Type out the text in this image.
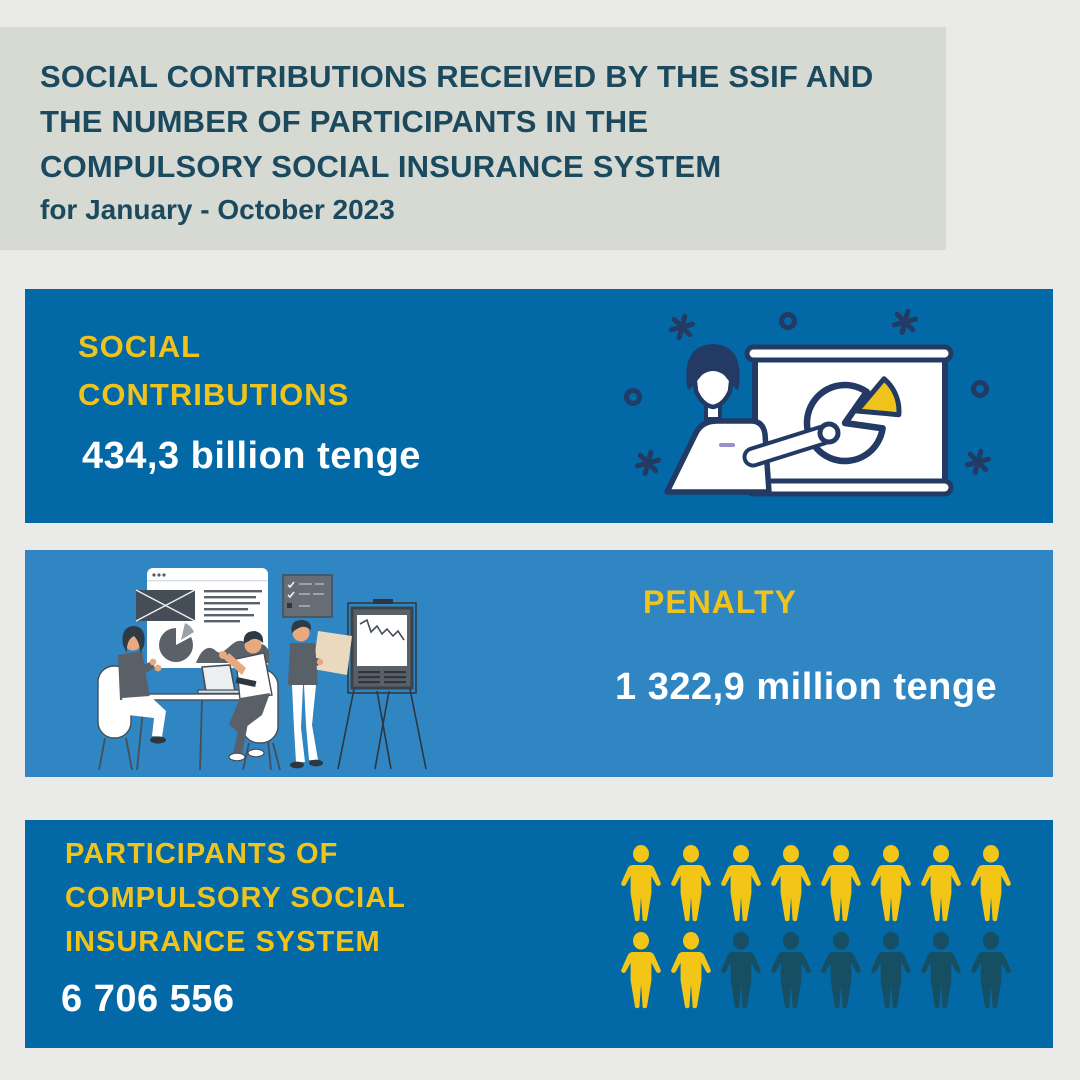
SOCIAL CONTRIBUTIONS RECEIVED BY THE SSIF AND
THE NUMBER OF PARTICIPANTS IN THE
COMPULSORY SOCIAL INSURANCE SYSTEM
for January - October 2023
SOCIAL
CONTRIBUTIONS
434,3 billion tenge
PENALTY
1 322,9 million tenge
PARTICIPANTS OF
COMPULSORY SOCIAL
INSURANCE SYSTEM
6 706 556
